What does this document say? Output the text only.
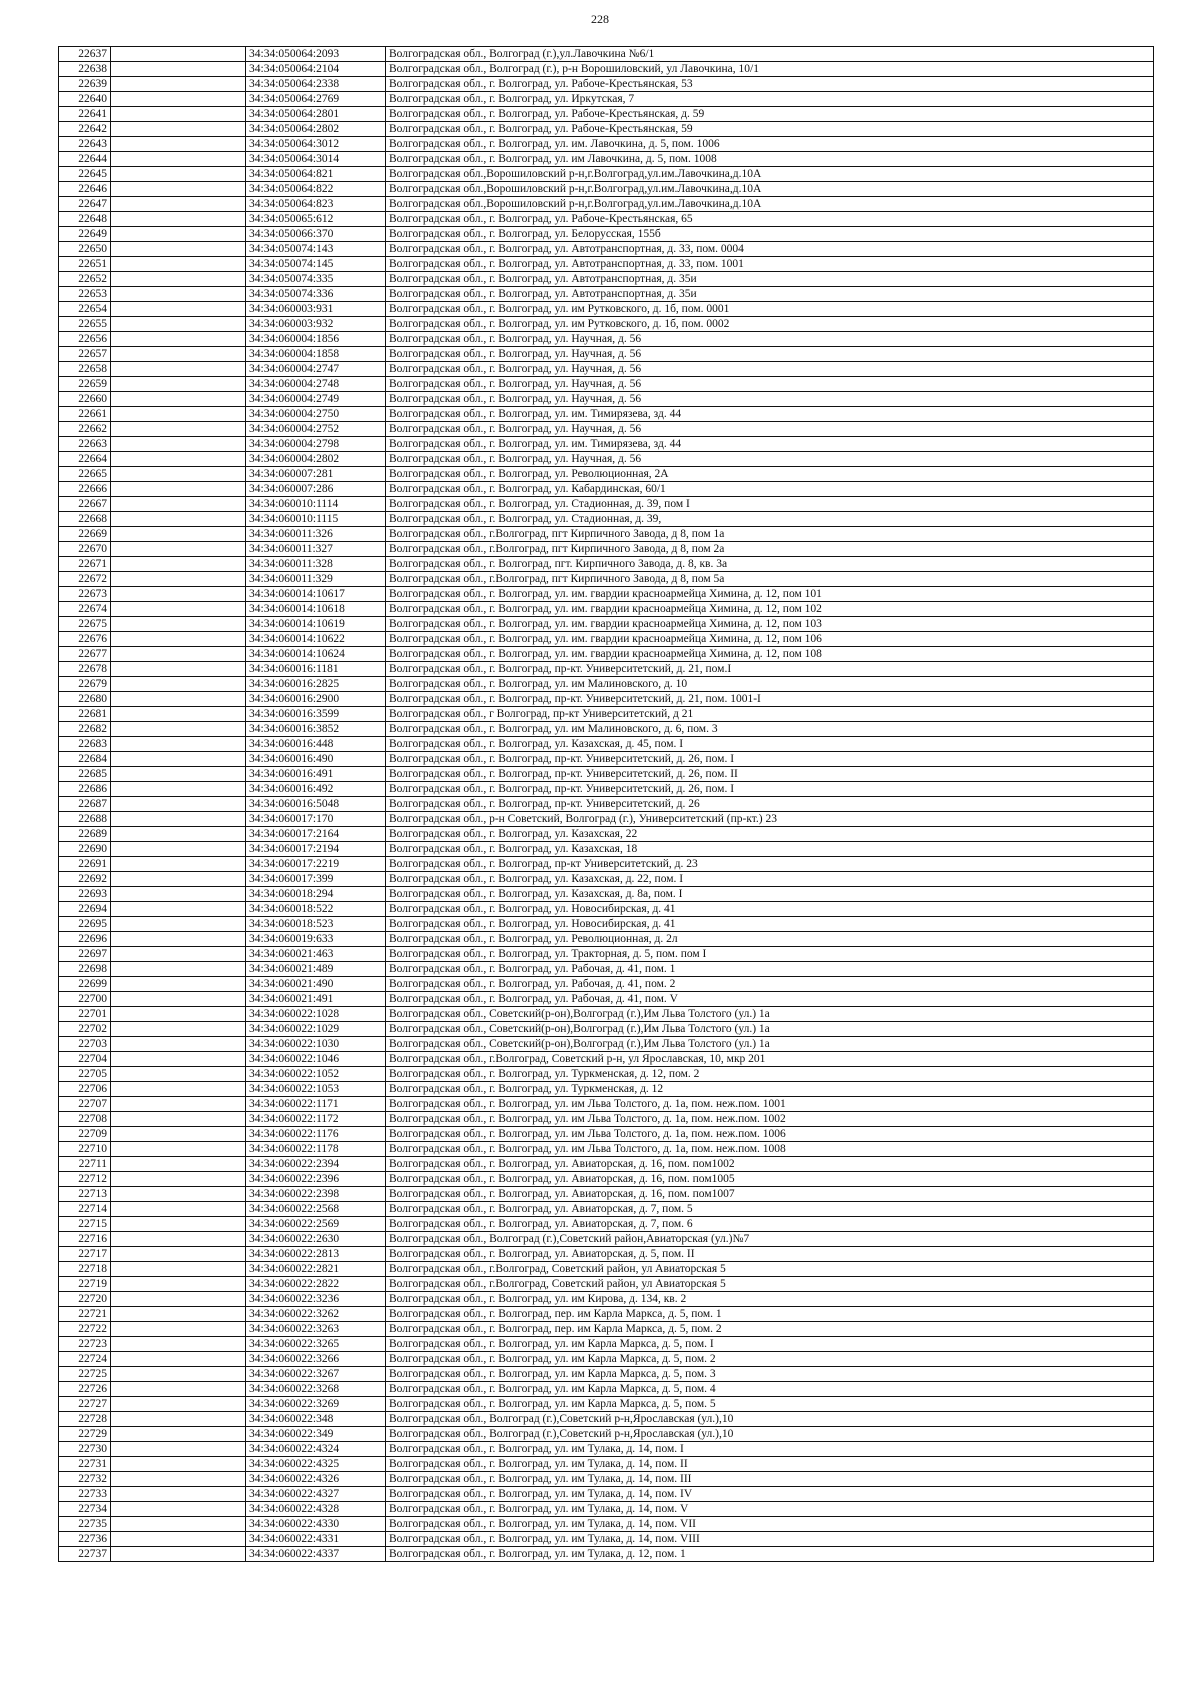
228
22637		34:34:050064:2093	Волгоградская обл., Волгоград (г.),ул.Лавочкина №6/1
22638		34:34:050064:2104	Волгоградская обл., Волгоград (г.), р-н Ворошиловский, ул Лавочкина, 10/1
22639		34:34:050064:2338	Волгоградская обл., г. Волгоград, ул. Рабоче-Крестьянская, 53
22640		34:34:050064:2769	Волгоградская обл., г. Волгоград, ул. Иркутская, 7
22641		34:34:050064:2801	Волгоградская обл., г. Волгоград, ул. Рабоче-Крестьянская, д. 59
22642		34:34:050064:2802	Волгоградская обл., г. Волгоград, ул. Рабоче-Крестьянская, 59
22643		34:34:050064:3012	Волгоградская обл., г. Волгоград, ул. им. Лавочкина, д. 5, пом. 1006
22644		34:34:050064:3014	Волгоградская обл., г. Волгоград, ул. им Лавочкина, д. 5, пом. 1008
22645		34:34:050064:821	Волгоградская обл.,Ворошиловский р-н,г.Волгоград,ул.им.Лавочкина,д.10А
22646		34:34:050064:822	Волгоградская обл.,Ворошиловский р-н,г.Волгоград,ул.им.Лавочкина,д.10А
22647		34:34:050064:823	Волгоградская обл.,Ворошиловский р-н,г.Волгоград,ул.им.Лавочкина,д.10А
22648		34:34:050065:612	Волгоградская обл., г. Волгоград, ул. Рабоче-Крестьянская, 65
22649		34:34:050066:370	Волгоградская обл., г. Волгоград, ул. Белорусская, 155б
22650		34:34:050074:143	Волгоградская обл., г. Волгоград, ул. Автотранспортная, д. 33, пом. 0004
22651		34:34:050074:145	Волгоградская обл., г. Волгоград, ул. Автотранспортная, д. 33, пом. 1001
22652		34:34:050074:335	Волгоградская обл., г. Волгоград, ул. Автотранспортная, д. 35и
22653		34:34:050074:336	Волгоградская обл., г. Волгоград, ул. Автотранспортная, д. 35и
22654		34:34:060003:931	Волгоградская обл., г. Волгоград, ул. им Рутковского, д. 1б, пом. 0001
22655		34:34:060003:932	Волгоградская обл., г. Волгоград, ул. им Рутковского, д. 1б, пом. 0002
22656		34:34:060004:1856	Волгоградская обл., г. Волгоград, ул. Научная, д. 56
22657		34:34:060004:1858	Волгоградская обл., г. Волгоград, ул. Научная, д. 56
22658		34:34:060004:2747	Волгоградская обл., г. Волгоград, ул. Научная, д. 56
22659		34:34:060004:2748	Волгоградская обл., г. Волгоград, ул. Научная, д. 56
22660		34:34:060004:2749	Волгоградская обл., г. Волгоград, ул. Научная, д. 56
22661		34:34:060004:2750	Волгоградская обл., г. Волгоград, ул. им. Тимирязева, зд. 44
22662		34:34:060004:2752	Волгоградская обл., г. Волгоград, ул. Научная, д. 56
22663		34:34:060004:2798	Волгоградская обл., г. Волгоград, ул. им. Тимирязева, зд. 44
22664		34:34:060004:2802	Волгоградская обл., г. Волгоград, ул. Научная, д. 56
22665		34:34:060007:281	Волгоградская обл., г. Волгоград, ул. Революционная, 2А
22666		34:34:060007:286	Волгоградская обл., г. Волгоград, ул. Кабардинская, 60/1
22667		34:34:060010:1114	Волгоградская обл., г. Волгоград, ул. Стадионная, д. 39, пом I
22668		34:34:060010:1115	Волгоградская обл., г. Волгоград, ул. Стадионная, д. 39,
22669		34:34:060011:326	Волгоградская обл., г.Волгоград, пгт Кирпичного Завода, д 8, пом 1а
22670		34:34:060011:327	Волгоградская обл., г.Волгоград, пгт Кирпичного Завода, д 8, пом 2а
22671		34:34:060011:328	Волгоградская обл., г. Волгоград, пгт. Кирпичного Завода, д. 8, кв. 3а
22672		34:34:060011:329	Волгоградская обл., г.Волгоград, пгт Кирпичного Завода, д 8, пом 5а
22673		34:34:060014:10617	Волгоградская обл., г. Волгоград, ул. им. гвардии красноармейца Химина, д. 12, пом 101
22674		34:34:060014:10618	Волгоградская обл., г. Волгоград, ул. им. гвардии красноармейца Химина, д. 12, пом 102
22675		34:34:060014:10619	Волгоградская обл., г. Волгоград, ул. им. гвардии красноармейца Химина, д. 12, пом 103
22676		34:34:060014:10622	Волгоградская обл., г. Волгоград, ул. им. гвардии красноармейца Химина, д. 12, пом 106
22677		34:34:060014:10624	Волгоградская обл., г. Волгоград, ул. им. гвардии красноармейца Химина, д. 12, пом 108
22678		34:34:060016:1181	Волгоградская обл., г. Волгоград, пр-кт. Университетский, д. 21, пом.I
22679		34:34:060016:2825	Волгоградская обл., г. Волгоград, ул. им Малиновского, д. 10
22680		34:34:060016:2900	Волгоградская обл., г. Волгоград, пр-кт. Университетский, д. 21, пом. 1001-I
22681		34:34:060016:3599	Волгоградская обл., г Волгоград, пр-кт Университетский, д 21
22682		34:34:060016:3852	Волгоградская обл., г. Волгоград, ул. им Малиновского, д. 6, пом. 3
22683		34:34:060016:448	Волгоградская обл., г. Волгоград, ул. Казахская, д. 45, пом. I
22684		34:34:060016:490	Волгоградская обл., г. Волгоград, пр-кт. Университетский, д. 26, пом. I
22685		34:34:060016:491	Волгоградская обл., г. Волгоград, пр-кт. Университетский, д. 26, пом. II
22686		34:34:060016:492	Волгоградская обл., г. Волгоград, пр-кт. Университетский, д. 26, пом. I
22687		34:34:060016:5048	Волгоградская обл., г. Волгоград, пр-кт. Университетский, д. 26
22688		34:34:060017:170	Волгоградская обл., р-н Советский, Волгоград (г.), Университетский (пр-кт.) 23
22689		34:34:060017:2164	Волгоградская обл., г. Волгоград, ул. Казахская, 22
22690		34:34:060017:2194	Волгоградская обл., г. Волгоград, ул. Казахская, 18
22691		34:34:060017:2219	Волгоградская обл., г. Волгоград, пр-кт Университетский, д. 23
22692		34:34:060017:399	Волгоградская обл., г. Волгоград, ул. Казахская, д. 22, пом. I
22693		34:34:060018:294	Волгоградская обл., г. Волгоград, ул. Казахская, д. 8а, пом. I
22694		34:34:060018:522	Волгоградская обл., г. Волгоград, ул. Новосибирская, д. 41
22695		34:34:060018:523	Волгоградская обл., г. Волгоград, ул. Новосибирская, д. 41
22696		34:34:060019:633	Волгоградская обл., г. Волгоград, ул. Революционная, д. 2л
22697		34:34:060021:463	Волгоградская обл., г. Волгоград, ул. Тракторная, д. 5, пом. пом I
22698		34:34:060021:489	Волгоградская обл., г. Волгоград, ул. Рабочая, д. 41, пом. 1
22699		34:34:060021:490	Волгоградская обл., г. Волгоград, ул. Рабочая, д. 41, пом. 2
22700		34:34:060021:491	Волгоградская обл., г. Волгоград, ул. Рабочая, д. 41, пом. V
22701		34:34:060022:1028	Волгоградская обл., Советский(р-он),Волгоград (г.),Им Льва Толстого (ул.) 1а
22702		34:34:060022:1029	Волгоградская обл., Советский(р-он),Волгоград (г.),Им Льва Толстого (ул.) 1а
22703		34:34:060022:1030	Волгоградская обл., Советский(р-он),Волгоград (г.),Им Льва Толстого (ул.) 1а
22704		34:34:060022:1046	Волгоградская обл., г.Волгоград, Советский р-н, ул Ярославская, 10, мкр 201
22705		34:34:060022:1052	Волгоградская обл., г. Волгоград, ул. Туркменская, д. 12, пом. 2
22706		34:34:060022:1053	Волгоградская обл., г. Волгоград, ул. Туркменская, д. 12
22707		34:34:060022:1171	Волгоградская обл., г. Волгоград, ул. им Льва Толстого, д. 1а, пом. неж.пом. 1001
22708		34:34:060022:1172	Волгоградская обл., г. Волгоград, ул. им Льва Толстого, д. 1а, пом. неж.пом. 1002
22709		34:34:060022:1176	Волгоградская обл., г. Волгоград, ул. им Льва Толстого, д. 1а, пом. неж.пом. 1006
22710		34:34:060022:1178	Волгоградская обл., г. Волгоград, ул. им Льва Толстого, д. 1а, пом. неж.пом. 1008
22711		34:34:060022:2394	Волгоградская обл., г. Волгоград, ул. Авиаторская, д. 16, пом. пом1002
22712		34:34:060022:2396	Волгоградская обл., г. Волгоград, ул. Авиаторская, д. 16, пом. пом1005
22713		34:34:060022:2398	Волгоградская обл., г. Волгоград, ул. Авиаторская, д. 16, пом. пом1007
22714		34:34:060022:2568	Волгоградская обл., г. Волгоград, ул. Авиаторская, д. 7, пом. 5
22715		34:34:060022:2569	Волгоградская обл., г. Волгоград, ул. Авиаторская, д. 7, пом. 6
22716		34:34:060022:2630	Волгоградская обл., Волгоград (г.),Советский район,Авиаторская (ул.)№7
22717		34:34:060022:2813	Волгоградская обл., г. Волгоград, ул. Авиаторская, д. 5, пом. II
22718		34:34:060022:2821	Волгоградская обл., г.Волгоград, Советский район, ул Авиаторская 5
22719		34:34:060022:2822	Волгоградская обл., г.Волгоград, Советский район, ул Авиаторская 5
22720		34:34:060022:3236	Волгоградская обл., г. Волгоград, ул. им Кирова, д. 134, кв. 2
22721		34:34:060022:3262	Волгоградская обл., г. Волгоград, пер. им Карла Маркса, д. 5, пом. 1
22722		34:34:060022:3263	Волгоградская обл., г. Волгоград, пер. им Карла Маркса, д. 5, пом. 2
22723		34:34:060022:3265	Волгоградская обл., г. Волгоград, ул. им Карла Маркса, д. 5, пом. I
22724		34:34:060022:3266	Волгоградская обл., г. Волгоград, ул. им Карла Маркса, д. 5, пом. 2
22725		34:34:060022:3267	Волгоградская обл., г. Волгоград, ул. им Карла Маркса, д. 5, пом. 3
22726		34:34:060022:3268	Волгоградская обл., г. Волгоград, ул. им Карла Маркса, д. 5, пом. 4
22727		34:34:060022:3269	Волгоградская обл., г. Волгоград, ул. им Карла Маркса, д. 5, пом. 5
22728		34:34:060022:348	Волгоградская обл., Волгоград (г.),Советский р-н,Ярославская (ул.),10
22729		34:34:060022:349	Волгоградская обл., Волгоград (г.),Советский р-н,Ярославская (ул.),10
22730		34:34:060022:4324	Волгоградская обл., г. Волгоград, ул. им Тулака, д. 14, пом. I
22731		34:34:060022:4325	Волгоградская обл., г. Волгоград, ул. им Тулака, д. 14, пом. II
22732		34:34:060022:4326	Волгоградская обл., г. Волгоград, ул. им Тулака, д. 14, пом. III
22733		34:34:060022:4327	Волгоградская обл., г. Волгоград, ул. им Тулака, д. 14, пом. IV
22734		34:34:060022:4328	Волгоградская обл., г. Волгоград, ул. им Тулака, д. 14, пом. V
22735		34:34:060022:4330	Волгоградская обл., г. Волгоград, ул. им Тулака, д. 14, пом. VII
22736		34:34:060022:4331	Волгоградская обл., г. Волгоград, ул. им Тулака, д. 14, пом. VIII
22737		34:34:060022:4337	Волгоградская обл., г. Волгоград, ул. им Тулака, д. 12, пом. 1
